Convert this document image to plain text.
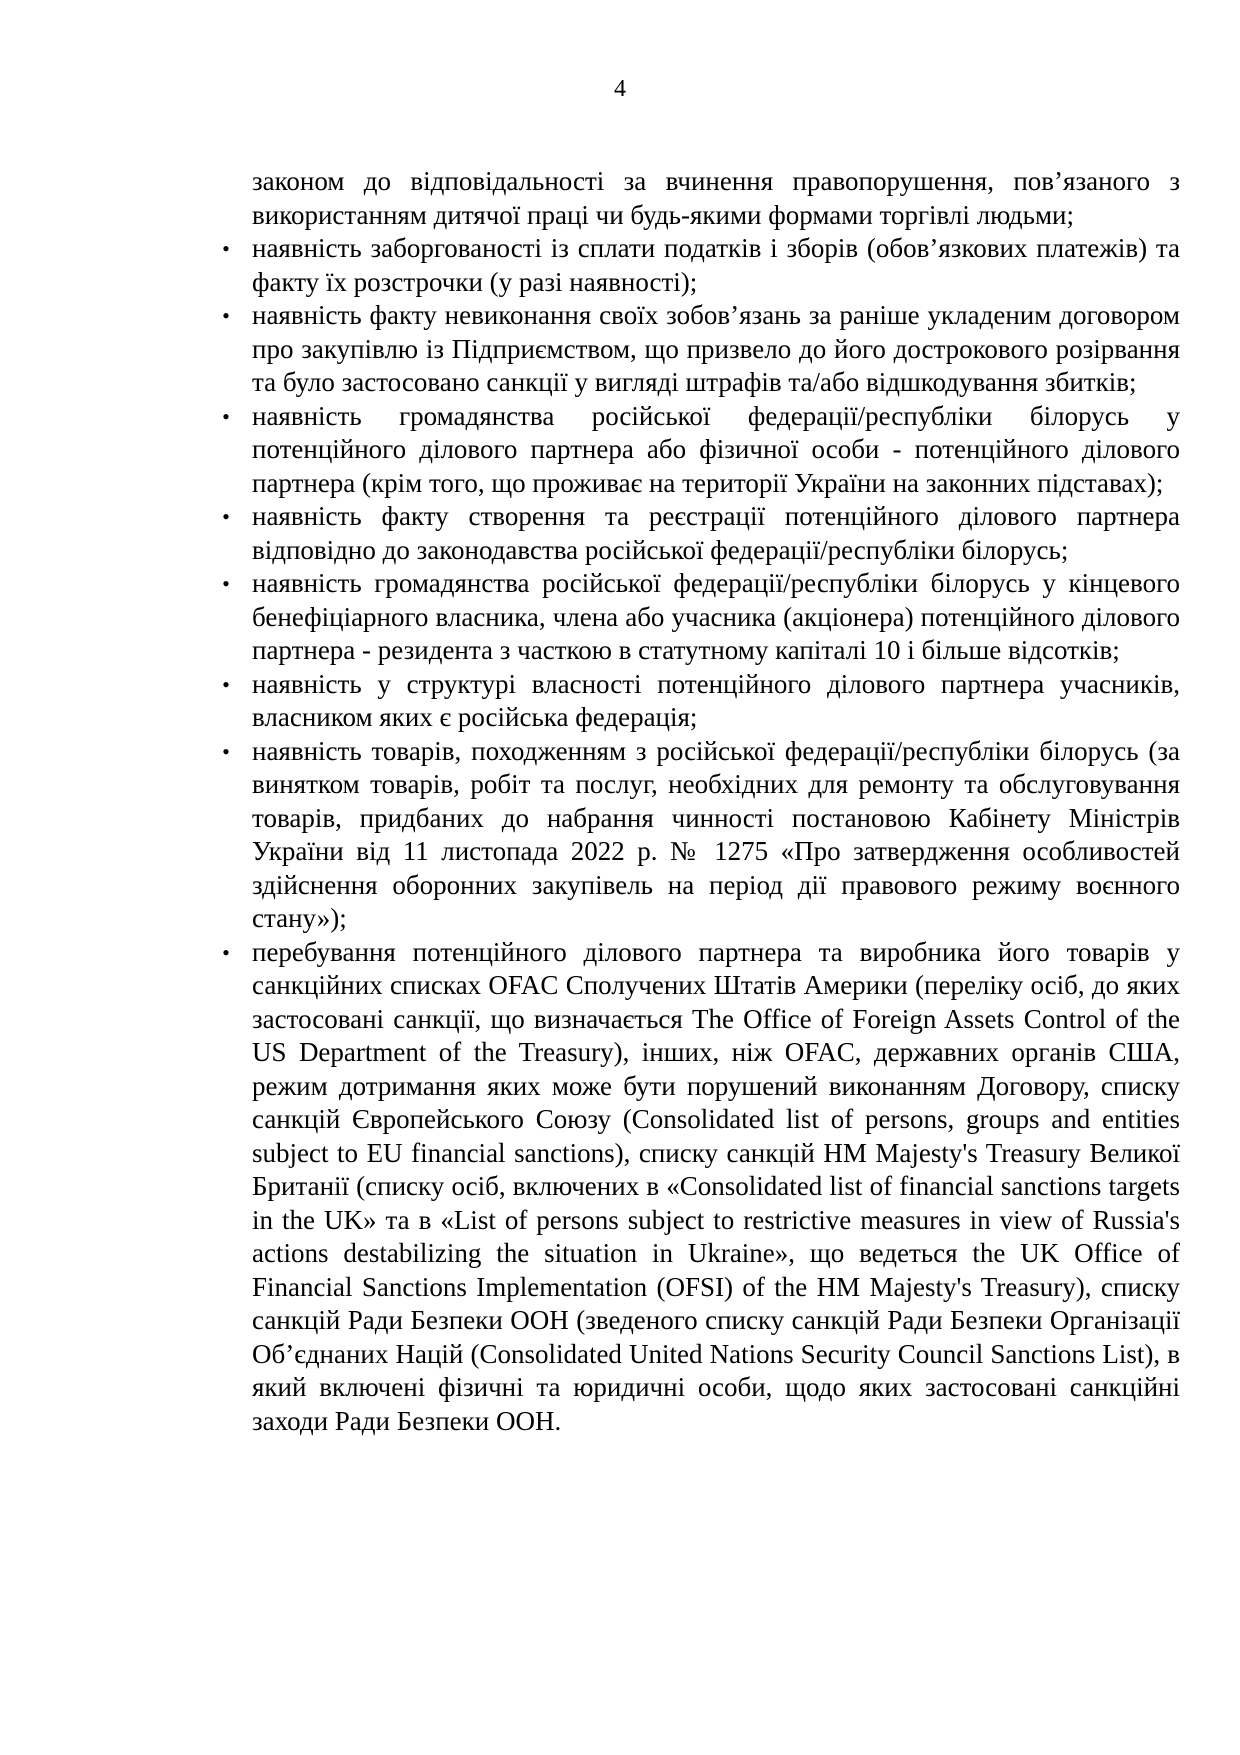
4

законом до відповідальності за вчинення правопорушення, пов’язаного з використанням дитячої праці чи будь-якими формами торгівлі людьми;

• наявність заборгованості із сплати податків і зборів (обов’язкових платежів) та факту їх розстрочки (у разі наявності);
• наявність факту невиконання своїх зобов’язань за раніше укладеним договором про закупівлю із Підприємством, що призвело до його дострокового розірвання та було застосовано санкції у вигляді штрафів та/або відшкодування збитків;
• наявність громадянства російської федерації/республіки білорусь у потенційного ділового партнера або фізичної особи - потенційного ділового партнера (крім того, що проживає на території України на законних підставах);
• наявність факту створення та реєстрації потенційного ділового партнера відповідно до законодавства російської федерації/республіки білорусь;
• наявність громадянства російської федерації/республіки білорусь у кінцевого бенефіціарного власника, члена або учасника (акціонера) потенційного ділового партнера - резидента з часткою в статутному капіталі 10 і більше відсотків;
• наявність у структурі власності потенційного ділового партнера учасників, власником яких є російська федерація;
• наявність товарів, походженням з російської федерації/республіки білорусь (за винятком товарів, робіт та послуг, необхідних для ремонту та обслуговування товарів, придбаних до набрання чинності постановою Кабінету Міністрів України від 11 листопада 2022 р. № 1275 «Про затвердження особливостей здійснення оборонних закупівель на період дії правового режиму воєнного стану»);
• перебування потенційного ділового партнера та виробника його товарів у санкційних списках OFAC Сполучених Штатів Америки (переліку осіб, до яких застосовані санкції, що визначається The Office of Foreign Assets Control of the US Department of the Treasury), інших, ніж OFAC, державних органів США, режим дотримання яких може бути порушений виконанням Договору, списку санкцій Європейського Союзу (Consolidated list of persons, groups and entities subject to EU financial sanctions), списку санкцій HM Majesty's Treasury Великої Британії (списку осіб, включених в «Consolidated list of financial sanctions targets in the UK» та в «List of persons subject to restrictive measures in view of Russia's actions destabilizing the situation in Ukraine», що ведеться the UK Office of Financial Sanctions Implementation (OFSI) of the HM Majesty's Treasury), списку санкцій Ради Безпеки ООН (зведеного списку санкцій Ради Безпеки Організації Об’єднаних Націй (Consolidated United Nations Security Council Sanctions List), в який включені фізичні та юридичні особи, щодо яких застосовані санкційні заходи Ради Безпеки ООН.
